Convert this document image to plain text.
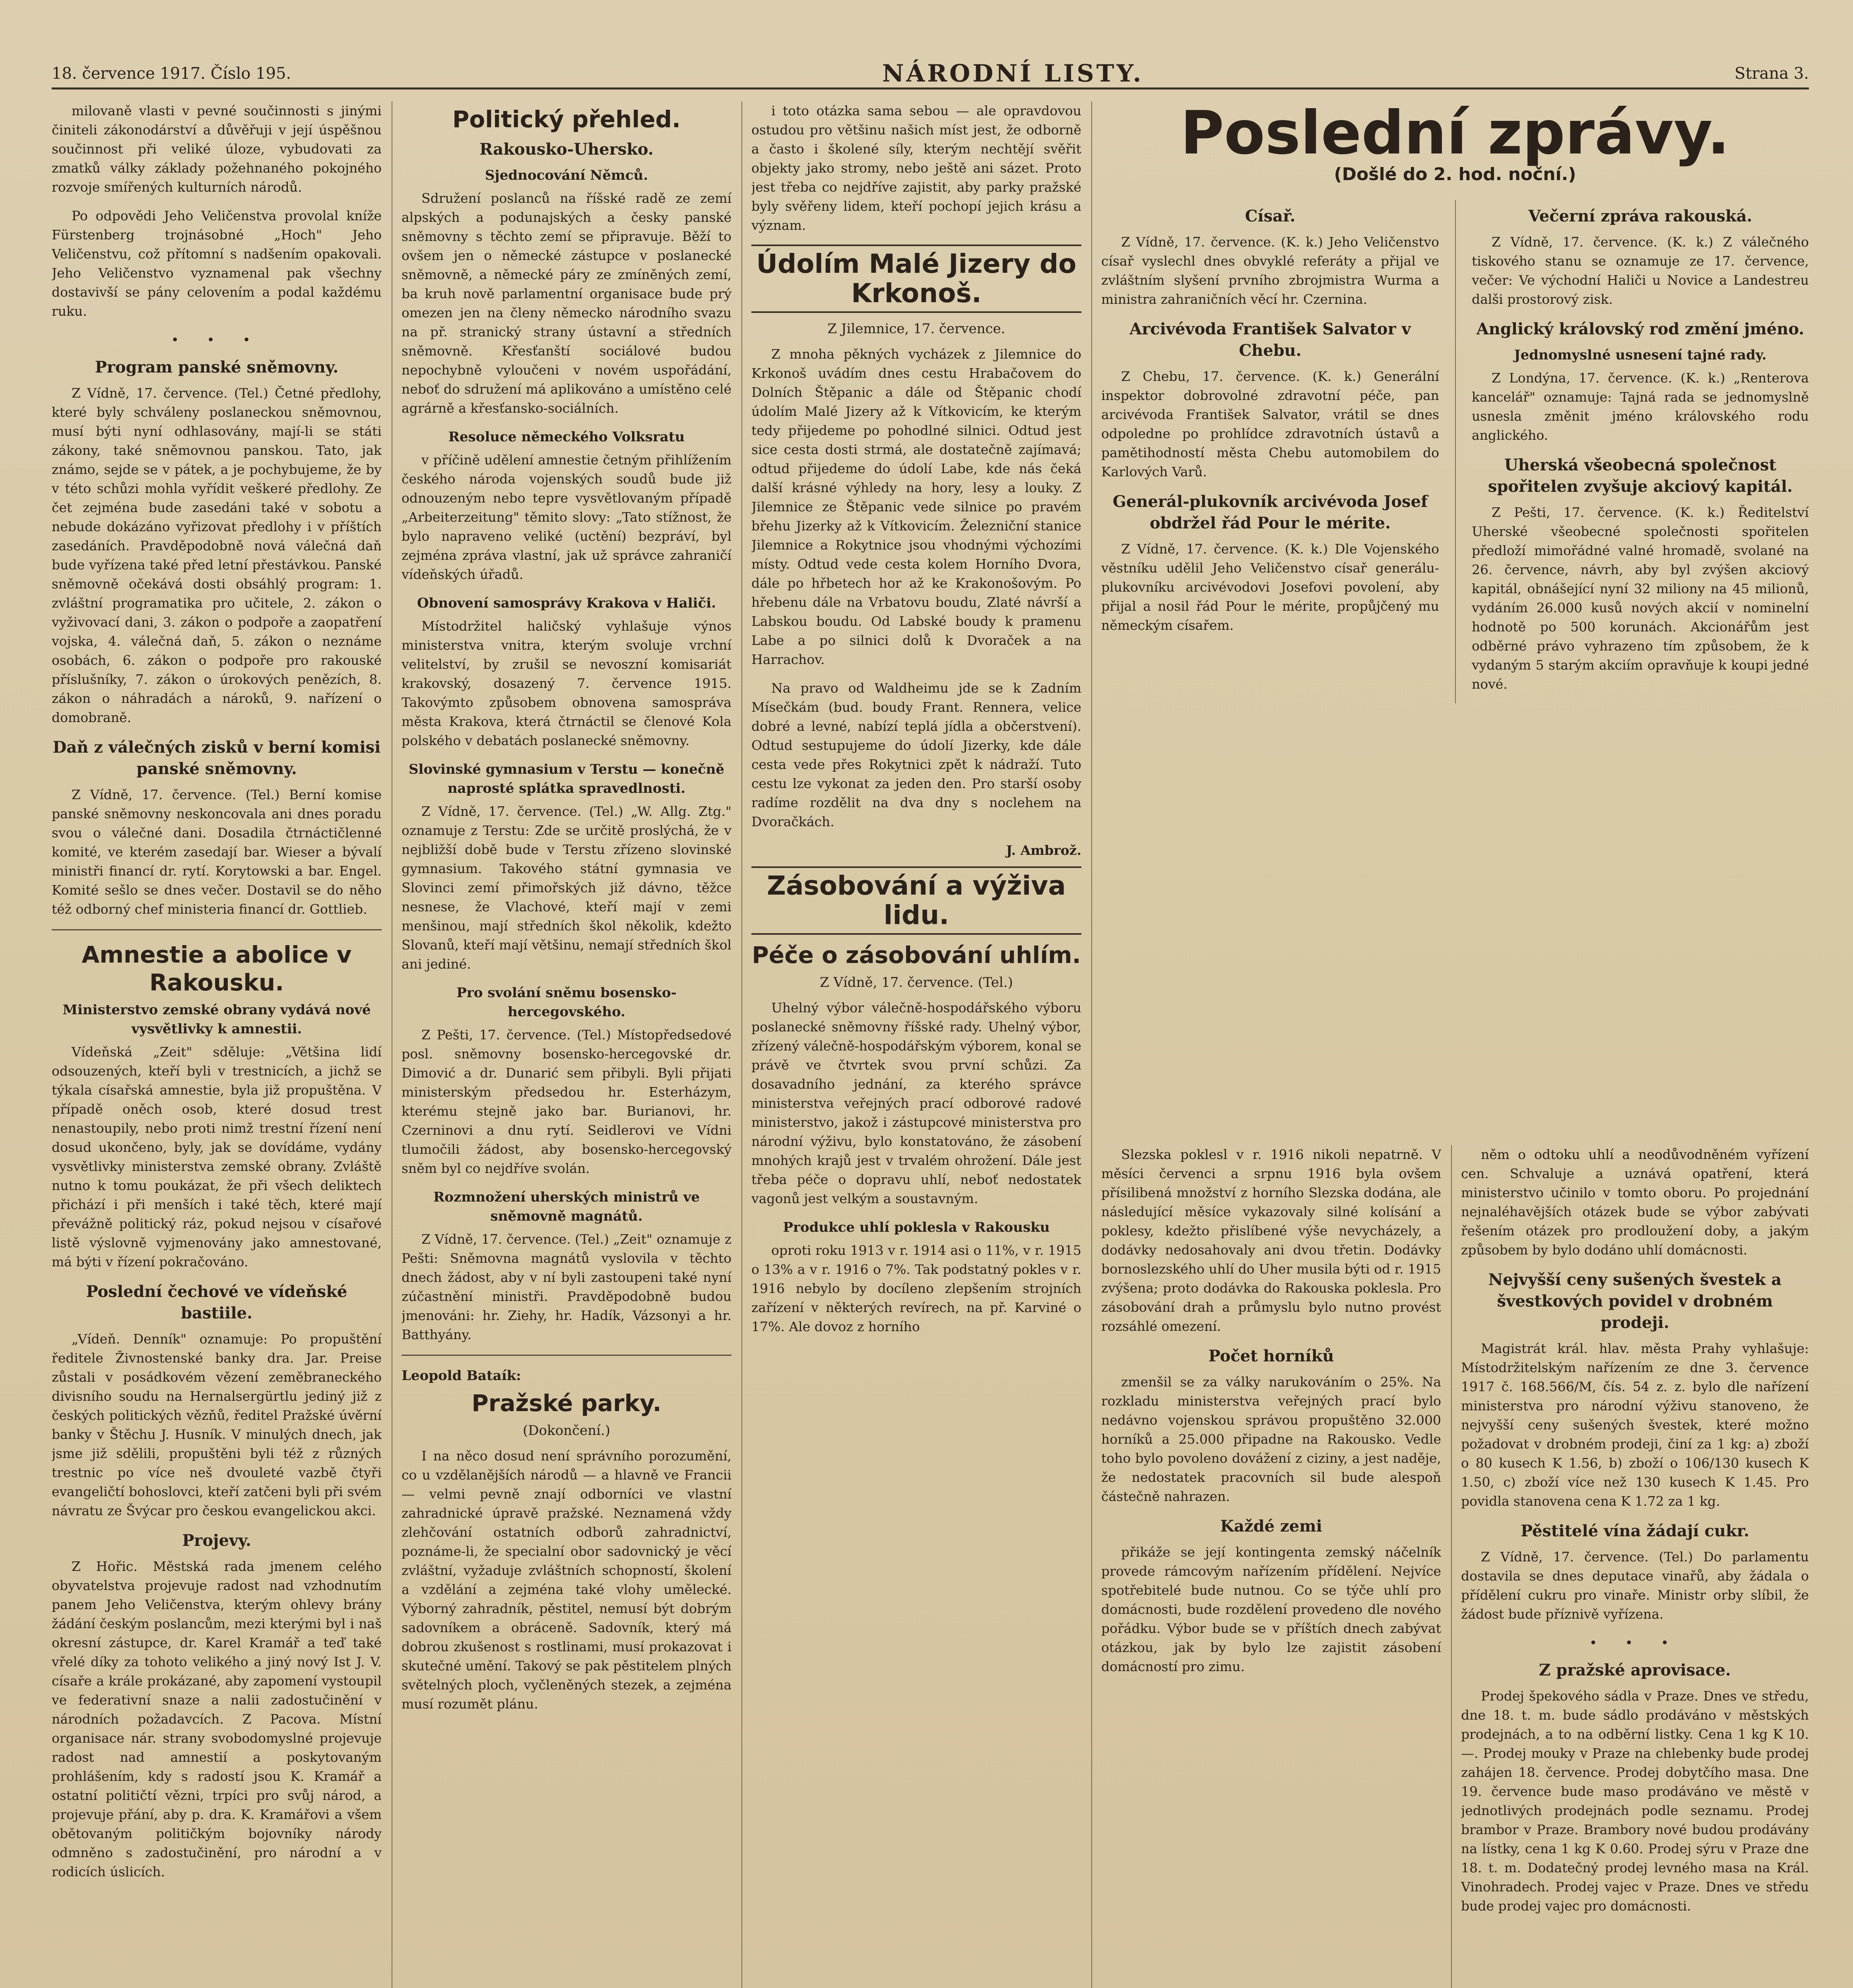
18. července 1917. Číslo 195.	NÁRODNÍ LISTY.	Strana 3.

milovaně vlasti v pevné součinnosti s jinými činiteli zákonodárství a důvěřuji v její úspěšnou součinnost při veliké úloze, vybudovati za zmatků války základy požehnaného pokojného rozvoje smířených kulturních národů.

Po odpovědi Jeho Veličenstva provolal kníže Fürstenberg trojnásobné „Hoch" Jeho Veličenstvu, což přítomní s nadšením opakovali. Jeho Veličenstvo vyznamenal pak všechny dostavivší se pány celovením a podal každému ruku.

• • •
Program panské sněmovny.

Z Vídně, 17. července. (Tel.) Četné předlohy, které byly schváleny poslaneckou sněmovnou, musí býti nyní odhlasovány, mají-li se státi zákony, také sněmovnou panskou. Tato, jak známo, sejde se v pátek, a je pochybujeme, že by v této schůzi mohla vyřídit veškeré předlohy. Ze čet zejména bude zasedáni také v sobotu a nebude dokázáno vyřizovat předlohy i v příštích zasedáních. Pravděpodobně nová válečná daň bude vyřízena také před letní přestávkou. Panské sněmovně očekává dosti obsáhlý program: 1. zvláštní programatika pro učitele, 2. zákon o vyživovací dani, 3. zákon o podpoře a zaopatření vojska, 4. válečná daň, 5. zákon o neznáme osobách, 6. zákon o podpoře pro rakouské příslušníky, 7. zákon o úrokových penězích, 8. zákon o náhradách a nároků, 9. nařízení o domobraně.

Daň z válečných zisků v berní komisi panské sněmovny.

Z Vídně, 17. července. (Tel.) Berní komise panské sněmovny neskoncovala ani dnes poradu svou o válečné dani. Dosadila čtrnáctičlenné komité, ve kterém zasedají bar. Wieser a bývalí ministři financí dr. rytí. Korytowski a bar. Engel. Komité sešlo se dnes večer. Dostavil se do něho též odborný chef ministeria financí dr. Gottlieb.

Amnestie a abolice v Rakousku.
Ministerstvo zemské obrany vydává nové vysvětlivky k amnestii.

Vídeňská „Zeit" sděluje: „Většina lidí odsouzených, kteří byli v trestnicích, a jichž se týkala císařská amnestie, byla již propuštěna. V případě oněch osob, které dosud trest nenastoupily, nebo proti nimž trestní řízení není dosud ukončeno, byly, jak se dovídáme, vydány vysvětlivky ministerstva zemské obrany. Zvláště nutno k tomu poukázat, že při všech deliktech přichází i při menších i také těch, které mají převážně politický ráz, pokud nejsou v císařové listě výslovně vyjmenovány jako amnestované, má býti v řízení pokračováno.

Poslední čechové ve vídeňské bastiile.

„Vídeň. Denník" oznamuje: Po propuštění ředitele Živnostenské banky dra. Jar. Preise zůstali v posádkovém vězení zeměbraneckého divisního soudu na Hernalsergürtlu jediný již z českých politických vězňů, ředitel Pražské úvěrní banky v Štěchu J. Husník. V minulých dnech, jak jsme již sdělili, propuštěni byli též z různých trestnic po více neš dvouleté vazbě čtyři evangeličtí bohoslovci, kteří zatčeni byli při svém návratu ze Švýcar pro českou evangelickou akci.

Projevy.

Z Hořic. Městská rada jmenem celého obyvatelstva projevuje radost nad vzhodnutím panem Jeho Veličenstva, kterým ohlevy brány žádání českým poslancům, mezi kterými byl i naš okresní zástupce, dr. Karel Kramář a teď také vřelé díky za tohoto velikého a jiný nový Ist J. V. císaře a krále prokázané, aby zapomení vystoupil ve federativní snaze a nalii zadostučinění v národních požadavcích. Z Pacova. Místní organisace nár. strany svobodomyslné projevuje radost nad amnestií a poskytovaným prohlášením, kdy s radostí jsou K. Kramář a ostatní političtí vězni, trpíci pro svůj národ, a projevuje přání, aby p. dra. K. Kramářovi a všem obětovaným političkým bojovníky národy odmněno s zadostučinění, pro národní a v rodicích úslicích.

Politický přehled.
Rakousko-Uhersko.
Sjednocování Němců.

Sdružení poslanců na říšské radě ze zemí alpských a podunajských a česky panské sněmovny s těchto zemí se připravuje. Běží to ovšem jen o německé zástupce v poslanecké sněmovně, a německé páry ze zmíněných zemí, ba kruh nově parlamentní organisace bude prý omezen jen na členy německo národního svazu na př. stranický strany ústavní a středních sněmovně. Křesťanští sociálové budou nepochybně vyloučeni v novém uspořádání, neboť do sdružení má aplikováno a umístěno celé agrárně a křesťansko-sociálních.

Resoluce německého Volksratu

v příčině udělení amnestie četným přihlížením českého národa vojenských soudů bude již odnouzeným nebo tepre vysvětlovaným případě „Arbeiterzeitung" těmito slovy: „Tato stížnost, že bylo napraveno veliké (uctění) bezpráví, byl zejména zpráva vlastní, jak už správce zahraničí vídeňských úřadů.

Obnovení samosprávy Krakova v Haliči.

Místodržitel haličský vyhlašuje výnos ministerstva vnitra, kterým svoluje vrchní velitelství, by zrušil se nevoszní komisariát krakovský, dosazený 7. července 1915. Takovýmto způsobem obnovena samospráva města Krakova, která čtrnáctil se členové Kola polského v debatách poslanecké sněmovny.

Slovinské gymnasium v Terstu — konečně naprosté splátka spravedlnosti.

Z Vídně, 17. července. (Tel.) „W. Allg. Ztg." oznamuje z Terstu: Zde se určitě proslýchá, že v nejbližší době bude v Terstu zřízeno slovinské gymnasium. Takového státní gymnasia ve Slovinci zemí přimořských již dávno, těžce nesnese, že Vlachové, kteří mají v zemi menšinou, mají středních škol několik, kdežto Slovanů, kteří mají většinu, nemají středních škol ani jediné.

Pro svolání sněmu bosensko-hercegovského.

Z Pešti, 17. července. (Tel.) Místopředsedové posl. sněmovny bosensko-hercegovské dr. Dimović a dr. Dunarić sem přibyli. Byli přijati ministerským předsedou hr. Esterházym, kterému stejně jako bar. Burianovi, hr. Czerninovi a dnu rytí. Seidlerovi ve Vídni tlumočili žádost, aby bosensko-hercegovský sněm byl co nejdříve svolán.

Rozmnožení uherských ministrů ve sněmovně magnátů.

Z Vídně, 17. července. (Tel.) „Zeit" oznamuje z Pešti: Sněmovna magnátů vyslovila v těchto dnech žádost, aby v ní byli zastoupeni také nyní zúčastnění ministři. Pravděpodobně budou jmenováni: hr. Ziehy, hr. Hadík, Vázsonyi a hr. Batthyány.

Leopold Bataík:
Pražské parky.
(Dokončení.)

I na něco dosud není správního porozumění, co u vzdělanějších národů — a hlavně ve Francii — velmi pevně znají odborníci ve vlastní zahradnické úpravě pražské. Neznamená vždy zlehčování ostatních odborů zahradnictví, poznáme-li, že specialní obor sadovnický je věcí zvláštní, vyžaduje zvláštních schopností, školení a vzdělání a zejména také vlohy umělecké. Výborný zahradník, pěstitel, nemusí být dobrým sadovníkem a obráceně. Sadovník, který má dobrou zkušenost s rostlinami, musí prokazovat i skutečné umění. Takový se pak pěstitelem plných světelných ploch, vyčleněných stezek, a zejména musí rozumět plánu.

i toto otázka sama sebou — ale opravdovou ostudou pro většinu našich míst jest, že odborně a často i školené síly, kterým nechtějí svěřit objekty jako stromy, nebo ještě ani sázet. Proto jest třeba co nejdříve zajistit, aby parky pražské byly svěřeny lidem, kteří pochopí jejich krásu a význam.

Údolím Malé Jizery do Krkonoš.
Z Jilemnice, 17. července.

Z mnoha pěkných vycházek z Jilemnice do Krkonoš uvádím dnes cestu Hrabačovem do Dolních Štěpanic a dále od Štěpanic chodí údolím Malé Jizery až k Vítkovicím, ke kterým tedy přijedeme po pohodlné silnici. Odtud jest sice cesta dosti strmá, ale dostatečně zajímavá; odtud přijedeme do údolí Labe, kde nás čeká další krásné výhledy na hory, lesy a louky. Z Jilemnice ze Štěpanic vede silnice po pravém břehu Jizerky až k Vítkovicím. Železniční stanice Jilemnice a Rokytnice jsou vhodnými výchozími místy. Odtud vede cesta kolem Horního Dvora, dále po hřbetech hor až ke Krakonošovým. Po hřebenu dále na Vrbatovu boudu, Zlaté návrší a Labskou boudu. Od Labské boudy k pramenu Labe a po silnici dolů k Dvoraček a na Harrachov.

Na pravo od Waldheimu jde se k Zadním Mísečkám (bud. boudy Frant. Rennera, velice dobré a levné, nabízí teplá jídla a občerstvení). Odtud sestupujeme do údolí Jizerky, kde dále cesta vede přes Rokytnici zpět k nádraží. Tuto cestu lze vykonat za jeden den. Pro starší osoby radíme rozdělit na dva dny s noclehem na Dvoračkách.

J. Ambrož.
Zásobování a výživa lidu.
Péče o zásobování uhlím.
Z Vídně, 17. července. (Tel.)

Uhelný výbor válečně-hospodářského výboru poslanecké sněmovny říšské rady. Uhelný výbor, zřízený válečně-hospodářským výborem, konal se právě ve čtvrtek svou první schůzi. Za dosavadního jednání, za kterého správce ministerstva veřejných prací odborové radové ministerstvo, jakož i zástupcové ministerstva pro národní výživu, bylo konstatováno, že zásobení mnohých krajů jest v trvalém ohrožení. Dále jest třeba péče o dopravu uhlí, neboť nedostatek vagonů jest velkým a soustavným.

Produkce uhlí poklesla v Rakousku

oproti roku 1913 v r. 1914 asi o 11%, v r. 1915 o 13% a v r. 1916 o 7%. Tak podstatný pokles v r. 1916 nebylo by docíleno zlepšením strojních zařízení v některých revírech, na př. Karviné o 17%. Ale dovoz z horního

Poslední zprávy.
(Došlé do 2. hod. noční.)
Císař.

Z Vídně, 17. července. (K. k.) Jeho Veličenstvo císař vyslechl dnes obvyklé referáty a přijal ve zvláštním slyšení prvního zbrojmistra Wurma a ministra zahraničních věcí hr. Czernina.

Arcivévoda František Salvator v Chebu.

Z Chebu, 17. července. (K. k.) Generální inspektor dobrovolné zdravotní péče, pan arcivévoda František Salvator, vrátil se dnes odpoledne po prohlídce zdravotních ústavů a pamětihodností města Chebu automobilem do Karlových Varů.

Generál-plukovník arcivévoda Josef obdržel řád Pour le mérite.

Z Vídně, 17. července. (K. k.) Dle Vojenského věstníku udělil Jeho Veličenstvo císař generálu-plukovníku arcivévodovi Josefovi povolení, aby přijal a nosil řád Pour le mérite, propůjčený mu německým císařem.

Večerní zpráva rakouská.

Z Vídně, 17. července. (K. k.) Z válečného tiskového stanu se oznamuje ze 17. července, večer: Ve východní Haliči u Novice a Landestreu dalši prostorový zisk.

Anglický královský rod změní jméno.
Jednomyslné usnesení tajné rady.

Z Londýna, 17. července. (K. k.) „Renterova kancelář" oznamuje: Tajná rada se jednomyslně usnesla změnit jméno královského rodu anglického.

Uherská všeobecná společnost spořitelen zvyšuje akciový kapitál.

Z Pešti, 17. července. (K. k.) Ředitelství Uherské všeobecné společnosti spořitelen předloží mimořádné valné hromadě, svolané na 26. července, návrh, aby byl zvýšen akciový kapitál, obnášející nyní 32 miliony na 45 milionů, vydáním 26.000 kusů nových akcií v nominelní hodnotě po 500 korunách. Akcionářům jest odběrné právo vyhrazeno tím způsobem, že k vydaným 5 starým akciím opravňuje k koupi jedné nové.

Slezska poklesl v r. 1916 nikoli nepatrně. V měsíci červenci a srpnu 1916 byla ovšem přísilibená množství z horního Slezska dodána, ale následující měsíce vykazovaly silné kolísání a poklesy, kdežto přislíbené výše nevycházely, a dodávky nedosahovaly ani dvou třetin. Dodávky bornoslezského uhlí do Uher musila býti od r. 1915 zvýšena; proto dodávka do Rakouska poklesla. Pro zásobování drah a průmyslu bylo nutno provést rozsáhlé omezení.

Počet horníků

zmenšil se za války narukováním o 25%. Na rozkladu ministerstva veřejných prací bylo nedávno vojenskou správou propuštěno 32.000 horníků a 25.000 připadne na Rakousko. Vedle toho bylo povoleno dovážení z ciziny, a jest naděje, že nedostatek pracovních sil bude alespoň částečně nahrazen.

Každé zemi

přikáže se její kontingenta zemský náčelník provede rámcovým nařízením přídělení. Nejvíce spotřebitelé bude nutnou. Co se týče uhlí pro domácnosti, bude rozdělení provedeno dle nového pořádku. Výbor bude se v příštích dnech zabývat otázkou, jak by bylo lze zajistit zásobení domácností pro zimu.

něm o odtoku uhlí a neodůvodněném vyřízení cen. Schvaluje a uznává opatření, která ministerstvo učinilo v tomto oboru. Po projednání nejnaléhavějších otázek bude se výbor zabývati řešením otázek pro prodloužení doby, a jakým způsobem by bylo dodáno uhlí domácnosti.

Nejvyšší ceny sušených švestek a švestkových povidel v drobném prodeji.

Magistrát král. hlav. města Prahy vyhlašuje: Místodržitelským nařízením ze dne 3. července 1917 č. 168.566/M, čís. 54 z. z. bylo dle nařízení ministerstva pro národní výživu stanoveno, že nejvyšší ceny sušených švestek, které možno požadovat v drobném prodeji, činí za 1 kg: a) zboží o 80 kusech K 1.56, b) zboží o 106/130 kusech K 1.50, c) zboží více než 130 kusech K 1.45. Pro povidla stanovena cena K 1.72 za 1 kg.

Pěstitelé vína žádají cukr.

Z Vídně, 17. července. (Tel.) Do parlamentu dostavila se dnes deputace vinařů, aby žádala o přídělení cukru pro vinaře. Ministr orby slíbil, že žádost bude příznivě vyřízena.

• • •
Z pražské aprovisace.

Prodej špekového sádla v Praze. Dnes ve středu, dne 18. t. m. bude sádlo prodáváno v městských prodejnách, a to na odběrní listky. Cena 1 kg K 10.—. Prodej mouky v Praze na chlebenky bude prodej zahájen 18. července. Prodej dobytčího masa. Dne 19. července bude maso prodáváno ve městě v jednotlivých prodejnách podle seznamu. Prodej brambor v Praze. Brambory nové budou prodávány na lístky, cena 1 kg K 0.60. Prodej sýru v Praze dne 18. t. m. Dodatečný prodej levného masa na Král. Vinohradech. Prodej vajec v Praze. Dnes ve středu bude prodej vajec pro domácnosti.
